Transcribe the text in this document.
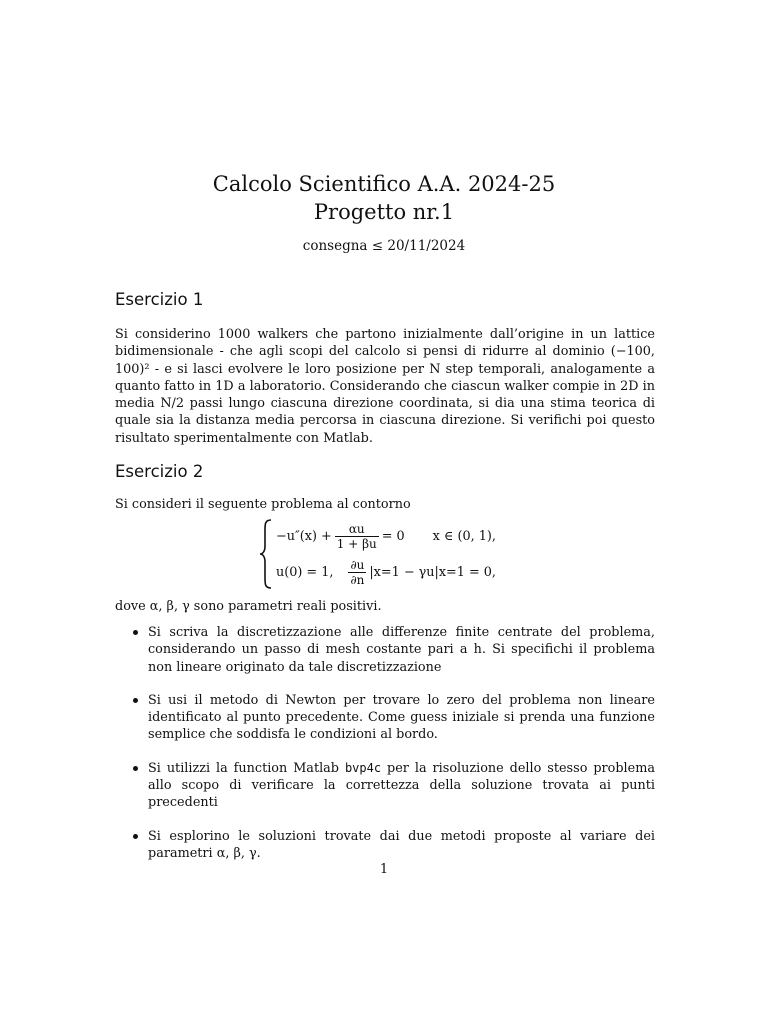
Calcolo Scientifico A.A. 2024-25
Progetto nr.1
consegna ≤ 20/11/2024
Esercizio 1
Si considerino 1000 walkers che partono inizialmente dall’origine in un lattice bidimensionale - che agli scopi del calcolo si pensi di ridurre al dominio (−100, 100)² - e si lasci evolvere le loro posizione per N step temporali, analogamente a quanto fatto in 1D a laboratorio. Considerando che ciascun walker compie in 2D in media N/2 passi lungo ciascuna direzione coordinata, si dia una stima teorica di quale sia la distanza media percorsa in ciascuna direzione. Si verifichi poi questo risultato sperimentalmente con Matlab.
Esercizio 2
Si consideri il seguente problema al contorno
$-u''(x) + \frac{\alpha u}{1 + \beta u} = 0$ x ∈ (0, 1),
u(0) = 1, $\frac{\partial u}{\partial n} |x=1 - \gamma u|x=1 = 0$,
dove α, β, γ sono parametri reali positivi.
Si scriva la discretizzazione alle differenze finite centrate del problema, considerando un passo di mesh costante pari a h. Si specifichi il problema non lineare originato da tale discretizzazione
Si usi il metodo di Newton per trovare lo zero del problema non lineare identificato al punto precedente. Come guess iniziale si prenda una funzione semplice che soddisfa le condizioni al bordo.
Si utilizzi la function Matlab bvp4c per la risoluzione dello stesso problema allo scopo di verificare la correttezza della soluzione trovata ai punti precedenti
Si esplorino le soluzioni trovate dai due metodi proposte al variare dei parametri α, β, γ.
1
